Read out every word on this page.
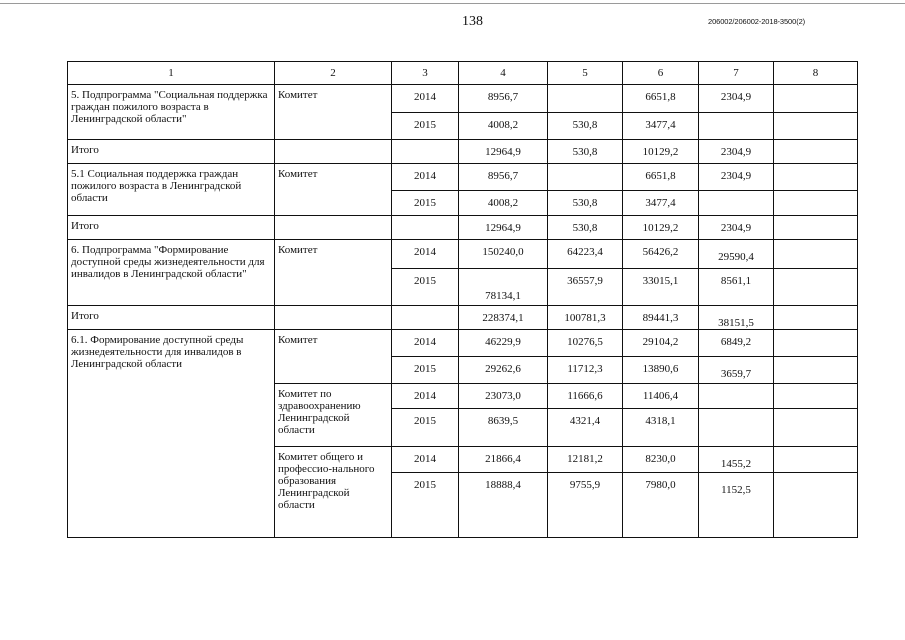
138	206002/206002-2018-3500(2)
1	2	3	4	5	6	7	8
5. Подпрограмма "Социальная поддержка граждан пожилого возраста в Ленинградской области"	Комитет	2014	8956,7		6651,8	2304,9	
		2015	4008,2	530,8	3477,4		
Итого			12964,9	530,8	10129,2	2304,9	
5.1 Социальная поддержка граждан пожилого возраста в Ленинградской области	Комитет	2014	8956,7		6651,8	2304,9	
		2015	4008,2	530,8	3477,4		
Итого			12964,9	530,8	10129,2	2304,9	
6. Подпрограмма "Формирование доступной среды жизнедеятельности для инвалидов в Ленинградской области"	Комитет	2014	150240,0	64223,4	56426,2	29590,4	
		2015	78134,1	36557,9	33015,1	8561,1	
Итого			228374,1	100781,3	89441,3	38151,5	
6.1. Формирование доступной среды жизнедеятельности для инвалидов в Ленинградской области	Комитет	2014	46229,9	10276,5	29104,2	6849,2	
		2015	29262,6	11712,3	13890,6	3659,7	
	Комитет по здравоохранению Ленинградской области	2014	23073,0	11666,6	11406,4		
		2015	8639,5	4321,4	4318,1		
	Комитет общего и профессио-нального образования Ленинградской области	2014	21866,4	12181,2	8230,0	1455,2	
		2015	18888,4	9755,9	7980,0	1152,5	
